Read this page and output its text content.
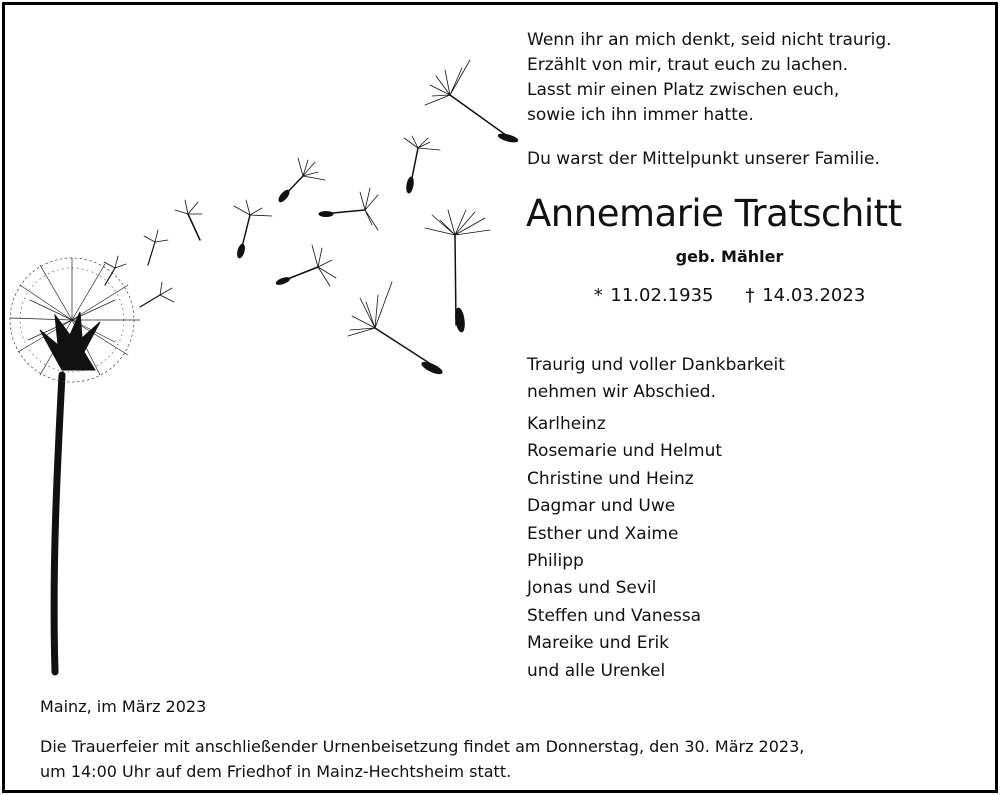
Wenn ihr an mich denkt, seid nicht traurig.
Erzählt von mir, traut euch zu lachen.
Lasst mir einen Platz zwischen euch,
sowie ich ihn immer hatte.
Du warst der Mittelpunkt unserer Familie.
Annemarie Tratschitt
geb. Mähler
* 11.02.1935 † 14.03.2023
Traurig und voller Dankbarkeit
nehmen wir Abschied.
Karlheinz
Rosemarie und Helmut
Christine und Heinz
Dagmar und Uwe
Esther und Xaime
Philipp
Jonas und Sevil
Steffen und Vanessa
Mareike und Erik
und alle Urenkel
Mainz, im März 2023
Die Trauerfeier mit anschließender Urnenbeisetzung findet am Donnerstag, den 30. März 2023,
um 14:00 Uhr auf dem Friedhof in Mainz-Hechtsheim statt.
